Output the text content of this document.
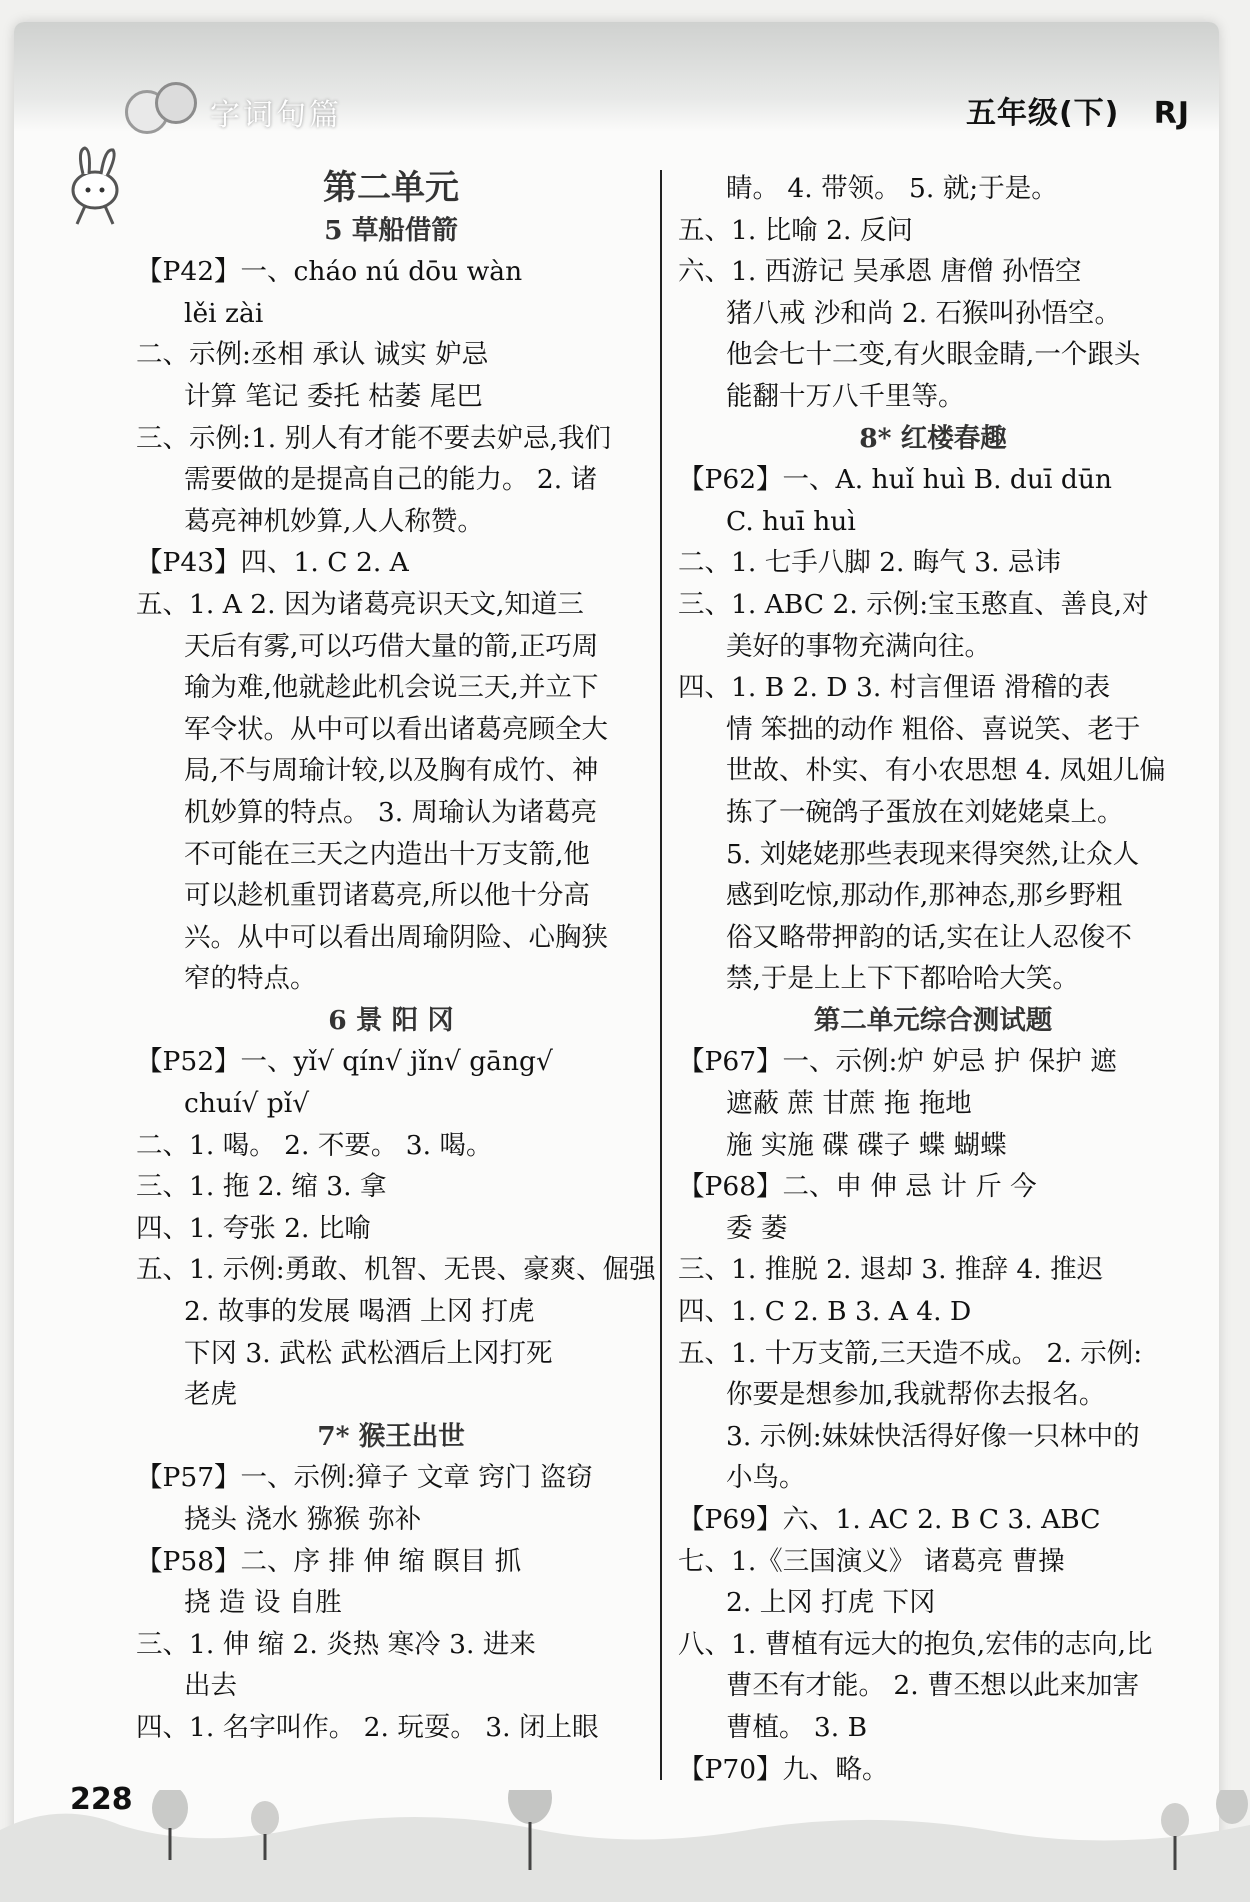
字词句篇	五年级(下)   RJ
第二单元
5 草船借箭
【P42】一、cháo nú dōu wàn
lěi zài
二、示例:丞相 承认 诚实 妒忌
计算 笔记 委托 枯萎 尾巴
三、示例:1. 别人有才能不要去妒忌,我们
需要做的是提高自己的能力。 2. 诸
葛亮神机妙算,人人称赞。
【P43】四、1. C 2. A
五、1. A 2. 因为诸葛亮识天文,知道三
天后有雾,可以巧借大量的箭,正巧周
瑜为难,他就趁此机会说三天,并立下
军令状。从中可以看出诸葛亮顾全大
局,不与周瑜计较,以及胸有成竹、神
机妙算的特点。 3. 周瑜认为诸葛亮
不可能在三天之内造出十万支箭,他
可以趁机重罚诸葛亮,所以他十分高
兴。从中可以看出周瑜阴险、心胸狭
窄的特点。
6 景 阳 冈
【P52】一、yǐ√ qín√ jǐn√ gāng√
chuí√ pǐ√
二、1. 喝。 2. 不要。 3. 喝。
三、1. 拖 2. 缩 3. 拿
四、1. 夸张 2. 比喻
五、1. 示例:勇敢、机智、无畏、豪爽、倔强
2. 故事的发展 喝酒 上冈 打虎
下冈 3. 武松 武松酒后上冈打死
老虎
7* 猴王出世
【P57】一、示例:獐子 文章 窍门 盗窃
挠头 浇水 猕猴 弥补
【P58】二、序 排 伸 缩 瞑目 抓
挠 造 设 自胜
三、1. 伸 缩 2. 炎热 寒冷 3. 进来
出去
四、1. 名字叫作。 2. 玩耍。 3. 闭上眼
睛。 4. 带领。 5. 就;于是。
五、1. 比喻 2. 反问
六、1. 西游记 吴承恩 唐僧 孙悟空
猪八戒 沙和尚 2. 石猴叫孙悟空。
他会七十二变,有火眼金睛,一个跟头
能翻十万八千里等。
8* 红楼春趣
【P62】一、A. huǐ huì B. duī dūn
C. huī huì
二、1. 七手八脚 2. 晦气 3. 忌讳
三、1. ABC 2. 示例:宝玉憨直、善良,对
美好的事物充满向往。
四、1. B 2. D 3. 村言俚语 滑稽的表
情 笨拙的动作 粗俗、喜说笑、老于
世故、朴实、有小农思想 4. 凤姐儿偏
拣了一碗鸽子蛋放在刘姥姥桌上。
5. 刘姥姥那些表现来得突然,让众人
感到吃惊,那动作,那神态,那乡野粗
俗又略带押韵的话,实在让人忍俊不
禁,于是上上下下都哈哈大笑。
第二单元综合测试题
【P67】一、示例:炉 妒忌 护 保护 遮
遮蔽 蔗 甘蔗 拖 拖地
施 实施 碟 碟子 蝶 蝴蝶
【P68】二、申 伸 忌 计 斤 今
委 萎
三、1. 推脱 2. 退却 3. 推辞 4. 推迟
四、1. C 2. B 3. A 4. D
五、1. 十万支箭,三天造不成。 2. 示例:
你要是想参加,我就帮你去报名。
3. 示例:妹妹快活得好像一只林中的
小鸟。
【P69】六、1. AC 2. B C 3. ABC
七、1.《三国演义》 诸葛亮 曹操
2. 上冈 打虎 下冈
八、1. 曹植有远大的抱负,宏伟的志向,比
曹丕有才能。 2. 曹丕想以此来加害
曹植。 3. B
【P70】九、略。
228
